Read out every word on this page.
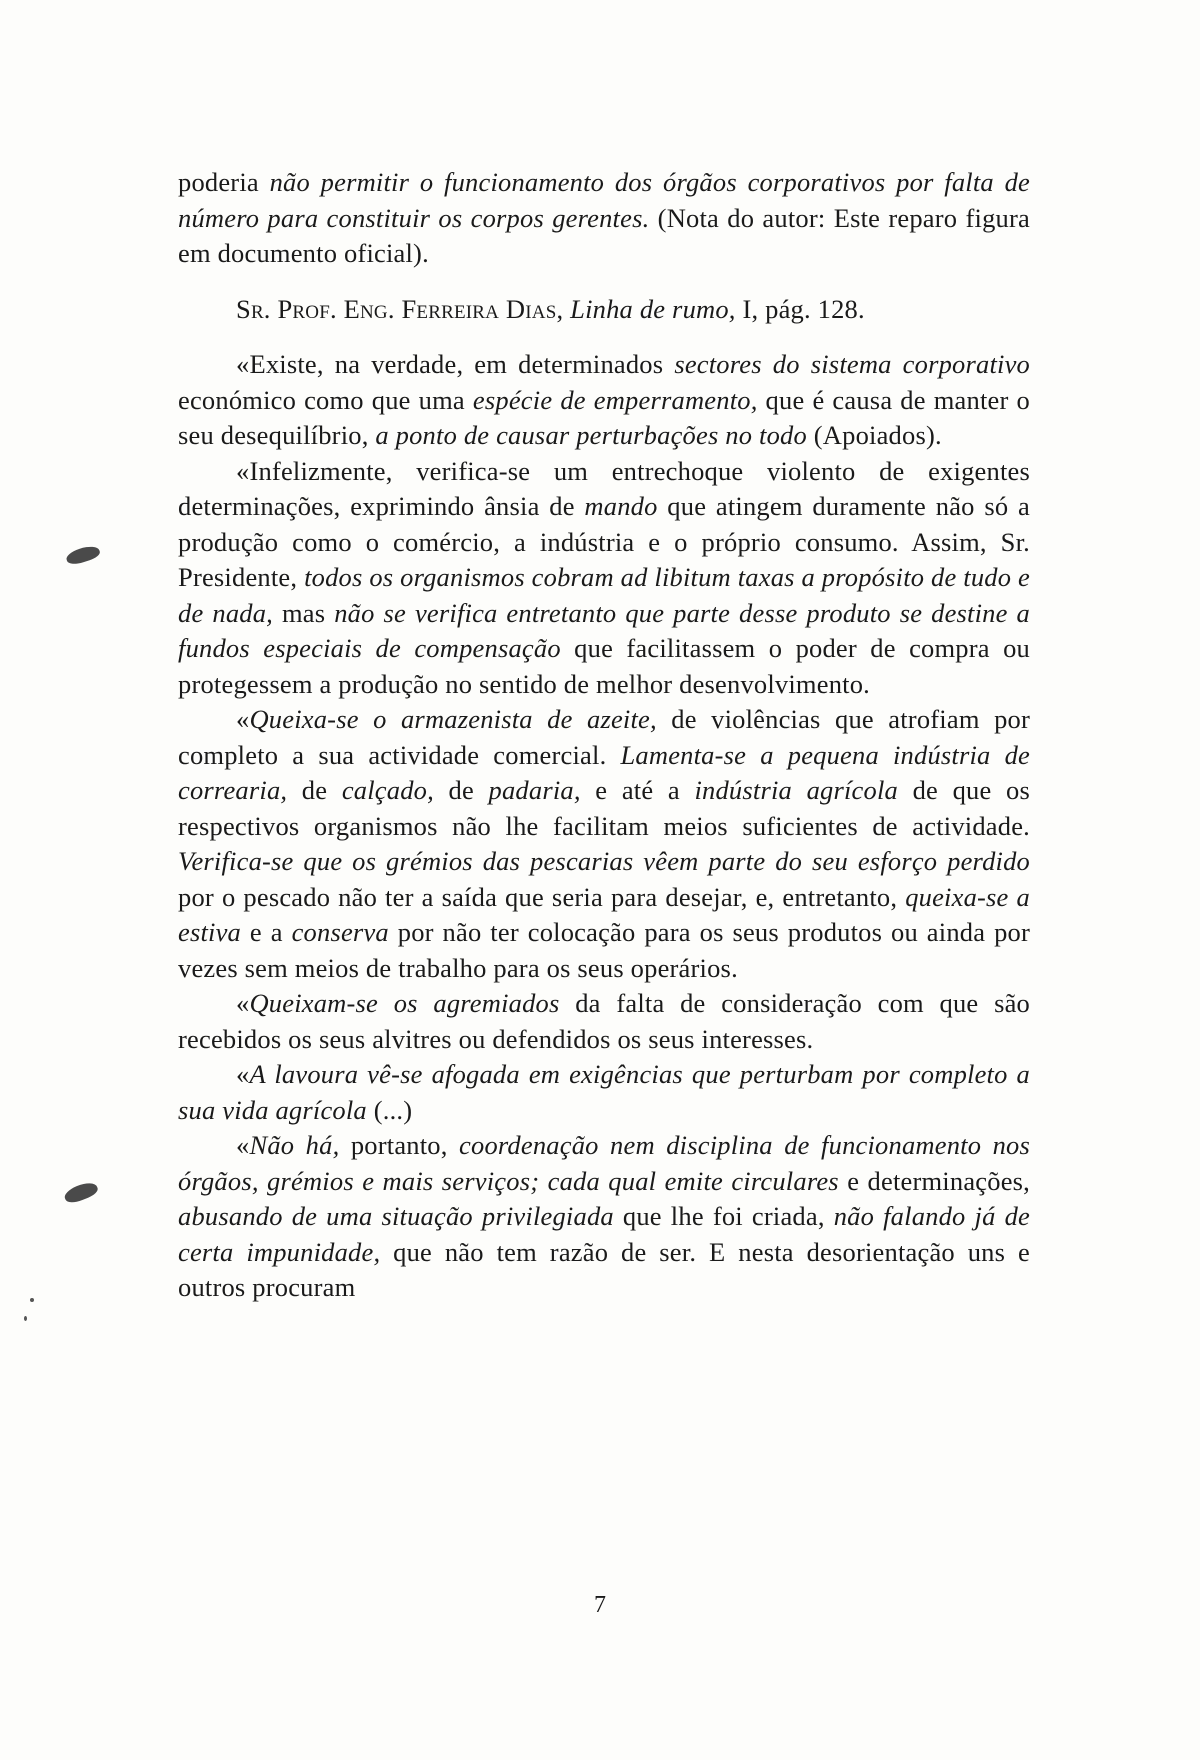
poderia não permitir o funcionamento dos órgãos corporativos por falta de número para constituir os corpos gerentes. (Nota do autor: Este reparo figura em documento oficial).

Sr. Prof. Eng. Ferreira Dias, Linha de rumo, I, pág. 128.

«Existe, na verdade, em determinados sectores do sistema corporativo económico como que uma espécie de emperramento, que é causa de manter o seu desequilíbrio, a ponto de causar perturbações no todo (Apoiados).

«Infelizmente, verifica-se um entrechoque violento de exigentes determinações, exprimindo ânsia de mando que atingem duramente não só a produção como o comércio, a indústria e o próprio consumo. Assim, Sr. Presidente, todos os organismos cobram ad libitum taxas a propósito de tudo e de nada, mas não se verifica entretanto que parte desse produto se destine a fundos especiais de compensação que facilitassem o poder de compra ou protegessem a produção no sentido de melhor desenvolvimento.

«Queixa-se o armazenista de azeite, de violências que atrofiam por completo a sua actividade comercial. Lamenta-se a pequena indústria de correaria, de calçado, de padaria, e até a indústria agrícola de que os respectivos organismos não lhe facilitam meios suficientes de actividade. Verifica-se que os grémios das pescarias vêem parte do seu esforço perdido por o pescado não ter a saída que seria para desejar, e, entretanto, queixa-se a estiva e a conserva por não ter colocação para os seus produtos ou ainda por vezes sem meios de trabalho para os seus operários.

«Queixam-se os agremiados da falta de consideração com que são recebidos os seus alvitres ou defendidos os seus interesses.

«A lavoura vê-se afogada em exigências que perturbam por completo a sua vida agrícola (...)

«Não há, portanto, coordenação nem disciplina de funcionamento nos órgãos, grémios e mais serviços; cada qual emite circulares e determinações, abusando de uma situação privilegiada que lhe foi criada, não falando já de certa impunidade, que não tem razão de ser. E nesta desorientação uns e outros procuram

7
